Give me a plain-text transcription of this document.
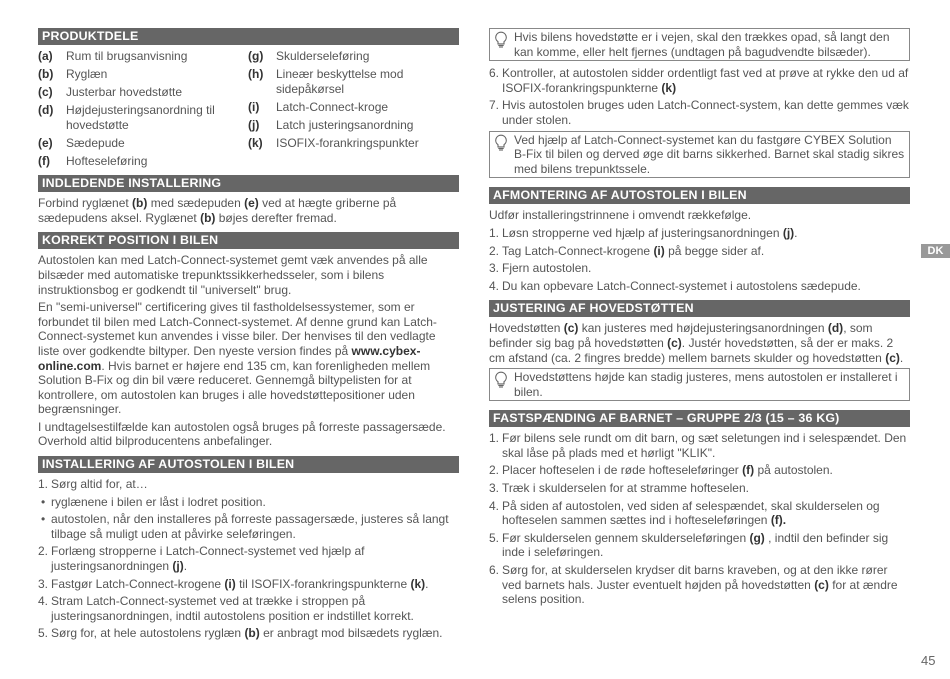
PRODUKTDELE
(a)	Rum til brugsanvisning
(b)	Ryglæn
(c)	Justerbar hovedstøtte
(d)	Højdejusteringsanordning til hovedstøtte
(e)	Sædepude
(f)	Hofteseleføring
(g)	Skulderseleføring
(h)	Lineær beskyttelse mod sidepåkørsel
(i)	Latch-Connect-kroge
(j)	Latch justeringsanordning
(k)	ISOFIX-forankringspunkter
INDLEDENDE INSTALLERING

Forbind ryglænet (b) med sædepuden (e) ved at hægte griberne på sædepudens aksel. Ryglænet (b) bøjes derefter fremad.

KORREKT POSITION I BILEN

Autostolen kan med Latch-Connect-systemet gemt væk anvendes på alle bilsæder med automatiske trepunktssikkerhedsseler, som i bilens instruktionsbog er godkendt til "universelt" brug.

En "semi-universel" certificering gives til fastholdelsessystemer, som er forbundet til bilen med Latch-Connect-systemet. Af denne grund kan Latch-Connect-systemet kun anvendes i visse biler. Der henvises til den vedlagte liste over godkendte biltyper. Den nyeste version findes på www.cybex-online.com. Hvis barnet er højere end 135 cm, kan forenligheden mellem Solution B-Fix og din bil være reduceret. Gennemgå biltypelisten for at kontrollere, om autostolen kan bruges i alle hovedstøttepositioner uden begrænsninger.

I undtagelsestilfælde kan autostolen også bruges på forreste passagersæde. Overhold altid bilproducentens anbefalinger.

INSTALLERING AF AUTOSTOLEN I BILEN
1. Sørg altid for, at…
• ryglænene i bilen er låst i lodret position.
• autostolen, når den installeres på forreste passagersæde, justeres så langt tilbage så muligt uden at påvirke seleføringen.
2. Forlæng stropperne i Latch-Connect-systemet ved hjælp af justeringsanordningen (j).
3. Fastgør Latch-Connect-krogene (i) til ISOFIX-forankringspunkterne (k).
4. Stram Latch-Connect-systemet ved at trække i stroppen på justeringsanordningen, indtil autostolens position er indstillet korrekt.
5. Sørg for, at hele autostolens ryglæn (b) er anbragt mod bilsædets ryglæn.
Hvis bilens hovedstøtte er i vejen, skal den trækkes opad, så langt den kan komme, eller helt fjernes (undtagen på bagudvendte bilsæder).
6. Kontroller, at autostolen sidder ordentligt fast ved at prøve at rykke den ud af ISOFIX-forankringspunkterne (k)
7. Hvis autostolen bruges uden Latch-Connect-system, kan dette gemmes væk under stolen.
Ved hjælp af Latch-Connect-systemet kan du fastgøre CYBEX Solution B-Fix til bilen og derved øge dit barns sikkerhed. Barnet skal stadig sikres med bilens trepunktssele.
AFMONTERING AF AUTOSTOLEN I BILEN

Udfør installeringstrinnene i omvendt rækkefølge.

1. Løsn stropperne ved hjælp af justeringsanordningen (j).
2. Tag Latch-Connect-krogene (i) på begge sider af.
3. Fjern autostolen.
4. Du kan opbevare Latch-Connect-systemet i autostolens sædepude.
JUSTERING AF HOVEDSTØTTEN

Hovedstøtten (c) kan justeres med højdejusteringsanordningen (d), som befinder sig bag på hovedstøtten (c). Justér hovedstøtten, så der er maks. 2 cm afstand (ca. 2 fingres bredde) mellem barnets skulder og hovedstøtten (c).

Hovedstøttens højde kan stadig justeres, mens autostolen er installeret i bilen.
FASTSPÆNDING AF BARNET – GRUPPE 2/3 (15 – 36 KG)
1. Før bilens sele rundt om dit barn, og sæt seletungen ind i selespændet. Den skal låse på plads med et hørligt "KLIK".
2. Placer hofteselen i de røde hofteseleføringer (f) på autostolen.
3. Træk i skulderselen for at stramme hofteselen.
4. På siden af autostolen, ved siden af selespændet, skal skulderselen og hofteselen sammen sættes ind i hofteseleføringen (f).
5. Før skulderselen gennem skulderseleføringen (g) , indtil den befinder sig inde i seleføringen.
6. Sørg for, at skulderselen krydser dit barns kraveben, og at den ikke rører ved barnets hals. Juster eventuelt højden på hovedstøtten (c) for at ændre selens position.
DK
45
